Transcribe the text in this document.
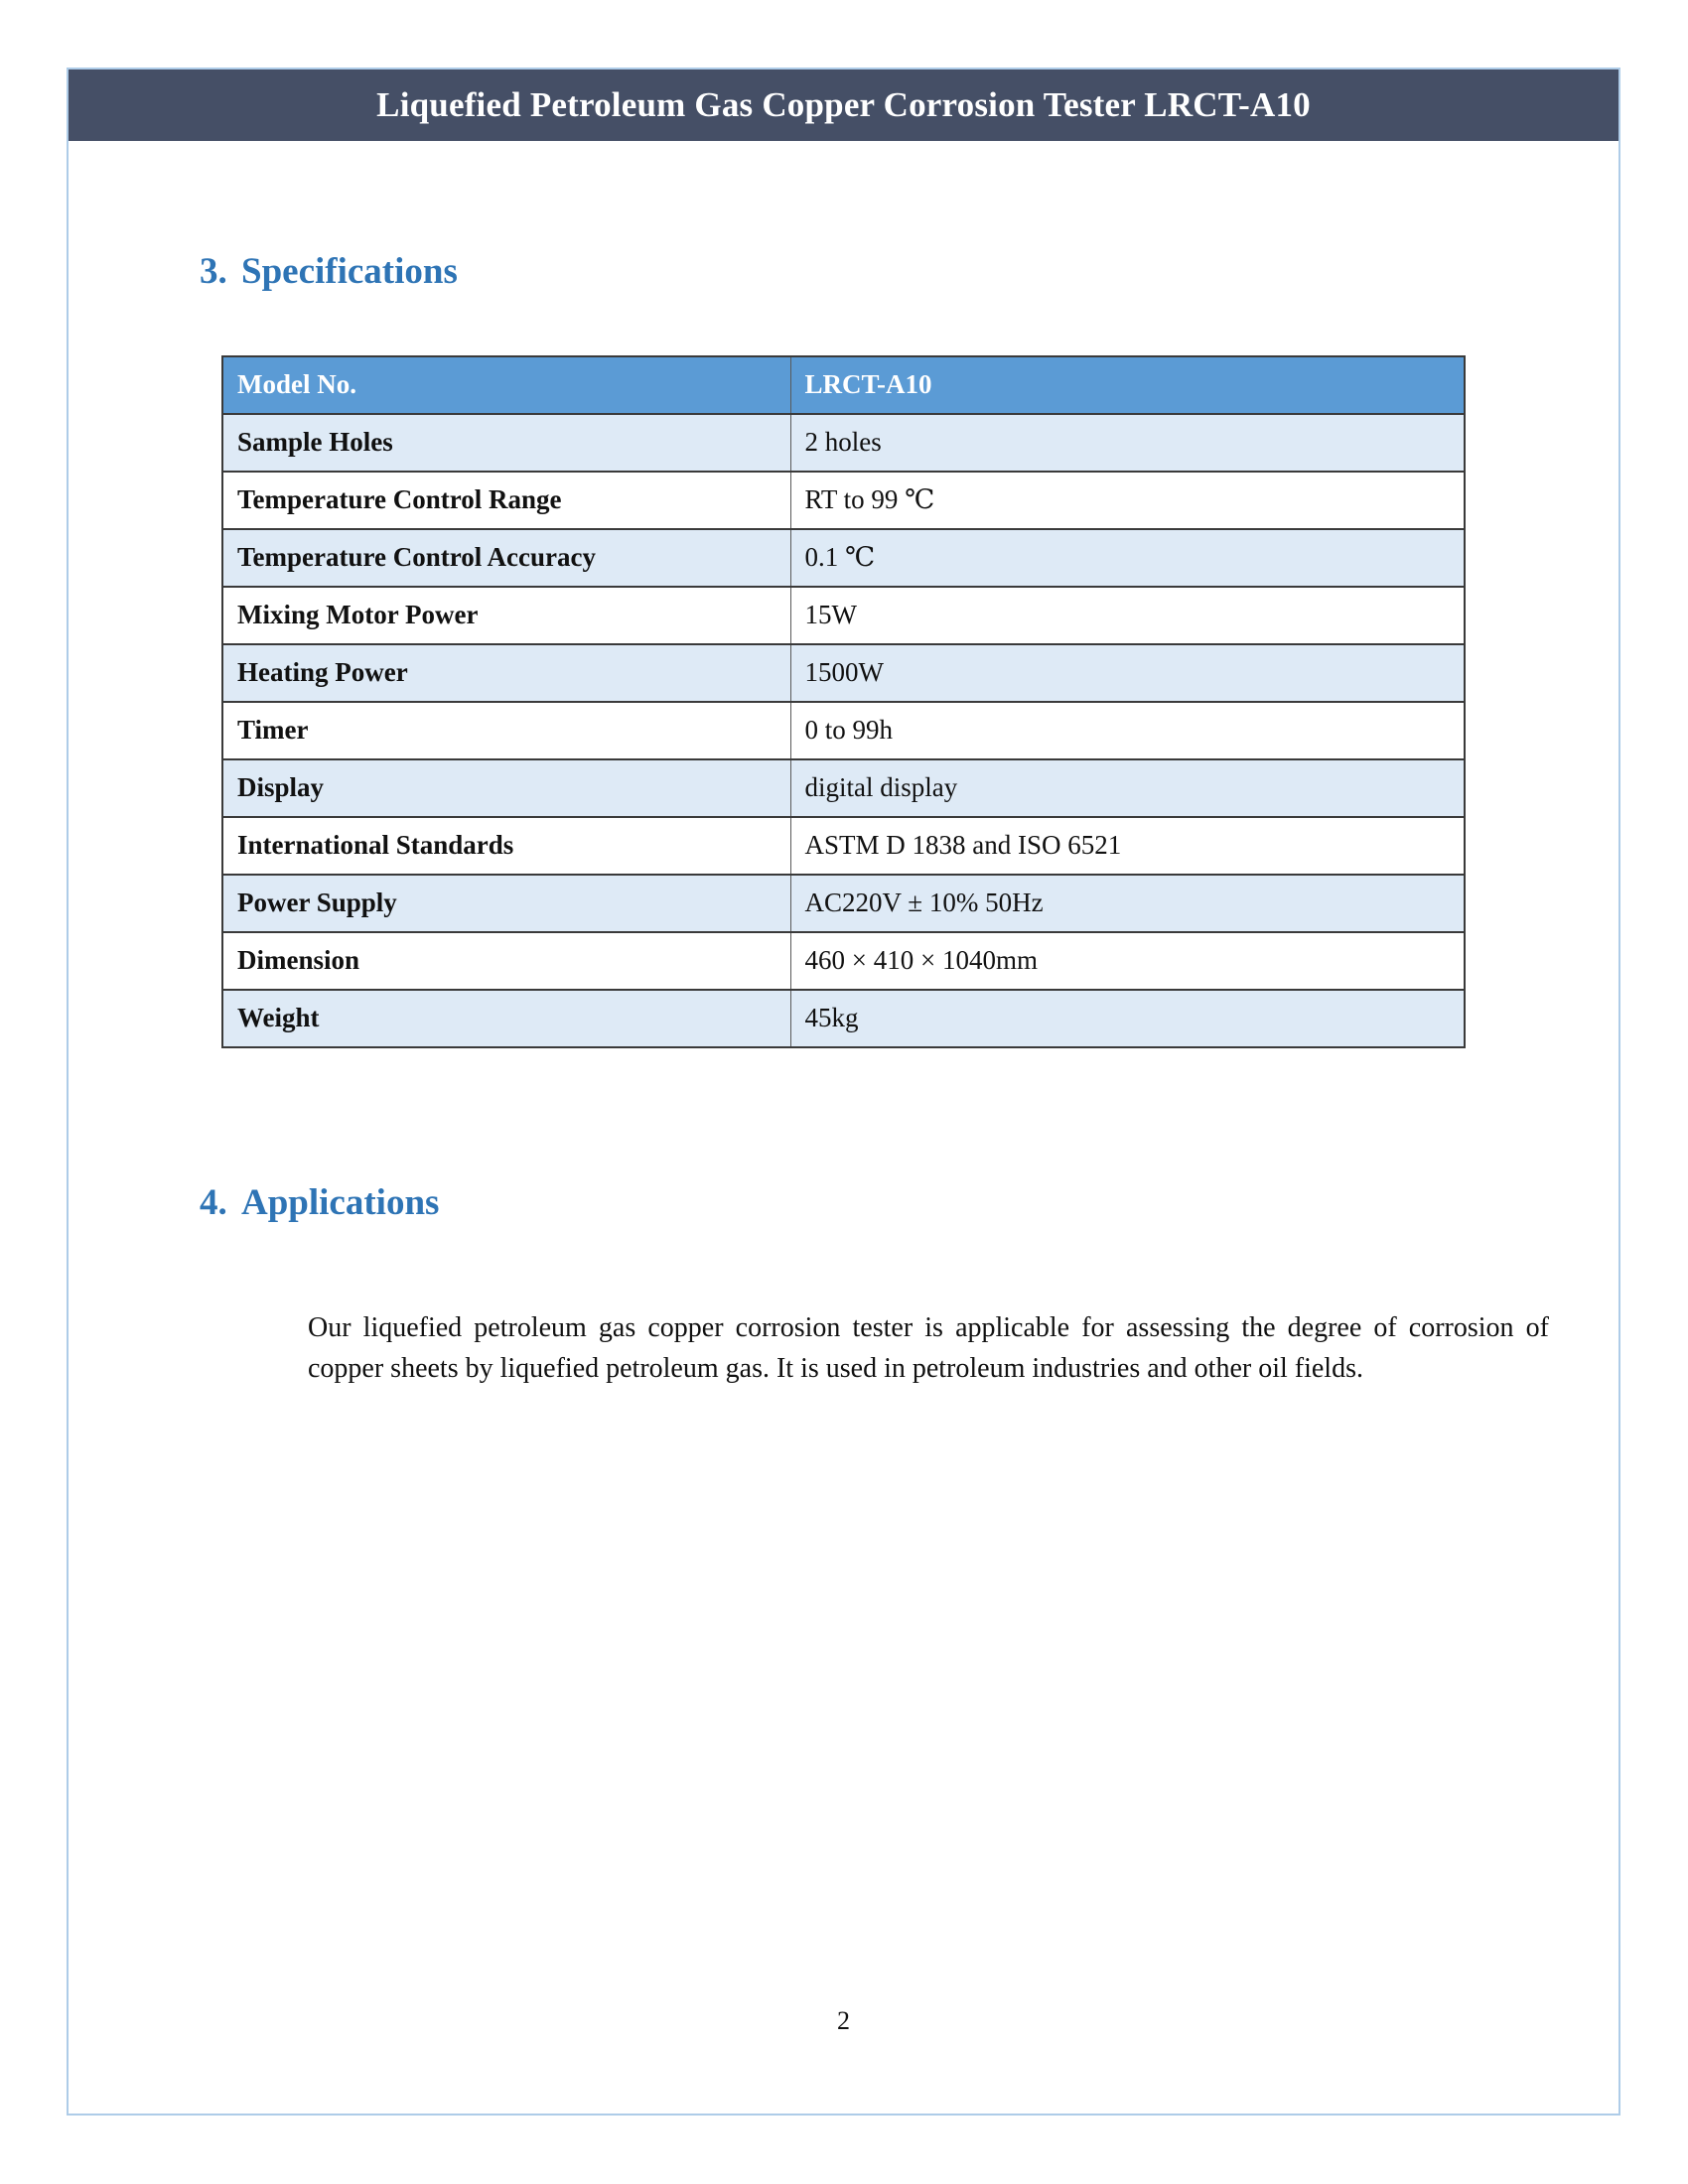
Liquefied Petroleum Gas Copper Corrosion Tester LRCT-A10
3. Specifications
Model No.	LRCT-A10
Sample Holes	2 holes
Temperature Control Range	RT to 99 ℃
Temperature Control Accuracy	0.1 ℃
Mixing Motor Power	15W
Heating Power	1500W
Timer	0 to 99h
Display	digital display
International Standards	ASTM D 1838 and ISO 6521
Power Supply	AC220V ± 10% 50Hz
Dimension	460 × 410 × 1040mm
Weight	45kg
4. Applications

Our liquefied petroleum gas copper corrosion tester is applicable for assessing the degree of corrosion of copper sheets by liquefied petroleum gas. It is used in petroleum industries and other oil fields.

2
